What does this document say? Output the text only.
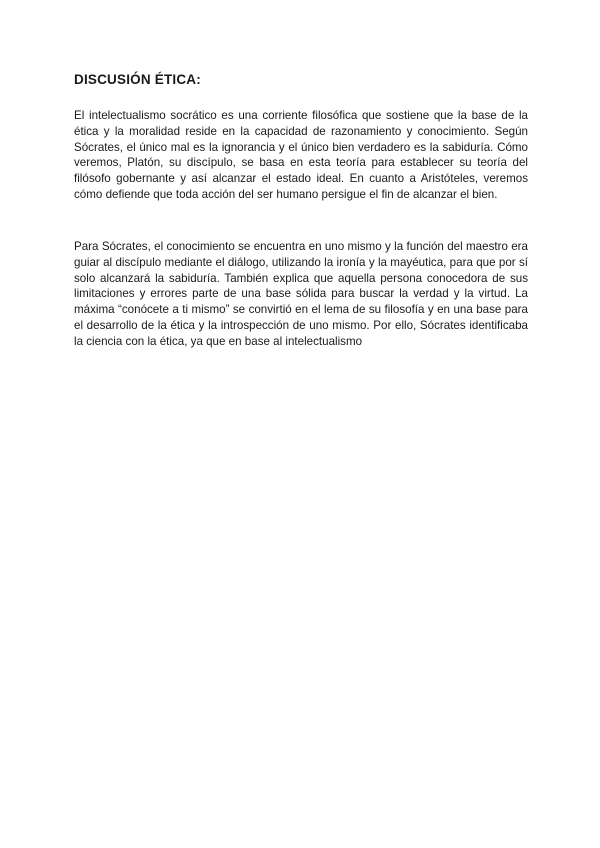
DISCUSIÓN ÉTICA:

El intelectualismo socrático es una corriente filosófica que sostiene que la base de la ética y la moralidad reside en la capacidad de razonamiento y conocimiento. Según Sócrates, el único mal es la ignorancia y el único bien verdadero es la sabiduría. Cómo veremos, Platón, su discípulo, se basa en esta teoría para establecer su teoría del filósofo gobernante y así alcanzar el estado ideal. En cuanto a Aristóteles, veremos cómo defiende que toda acción del ser humano persigue el fin de alcanzar el bien.

Para Sócrates, el conocimiento se encuentra en uno mismo y la función del maestro era guiar al discípulo mediante el diálogo, utilizando la ironía y la mayéutica, para que por sí solo alcanzará la sabiduría. También explica que aquella persona conocedora de sus limitaciones y errores parte de una base sólida para buscar la verdad y la virtud. La máxima “conócete a ti mismo” se convirtió en el lema de su filosofía y en una base para el desarrollo de la ética y la introspección de uno mismo. Por ello, Sócrates identificaba la ciencia con la ética, ya que en base al intelectualismo
